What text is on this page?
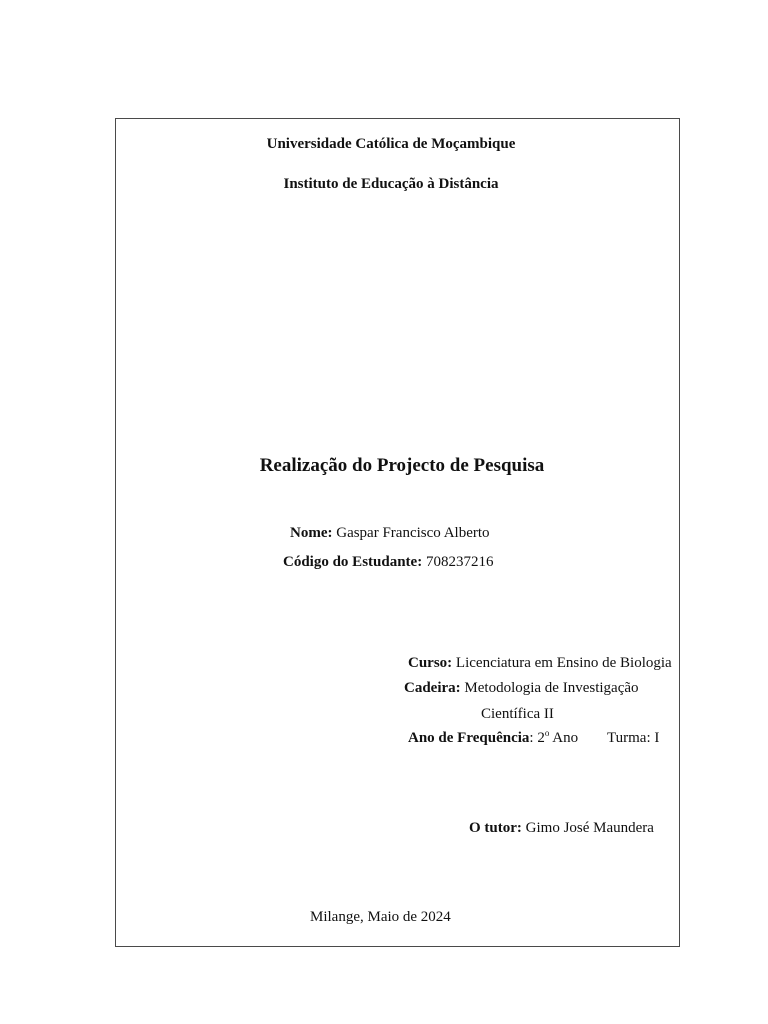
Universidade Católica de Moçambique
Instituto de Educação à Distância
Realização do Projecto de Pesquisa
Nome: Gaspar Francisco Alberto
Código do Estudante: 708237216
Curso: Licenciatura em Ensino de Biologia
Cadeira: Metodologia de Investigação
Científica II
Ano de Frequência: 2$^o$ Ano Turma: I
O tutor: Gimo José Maundera
Milange, Maio de 2024
